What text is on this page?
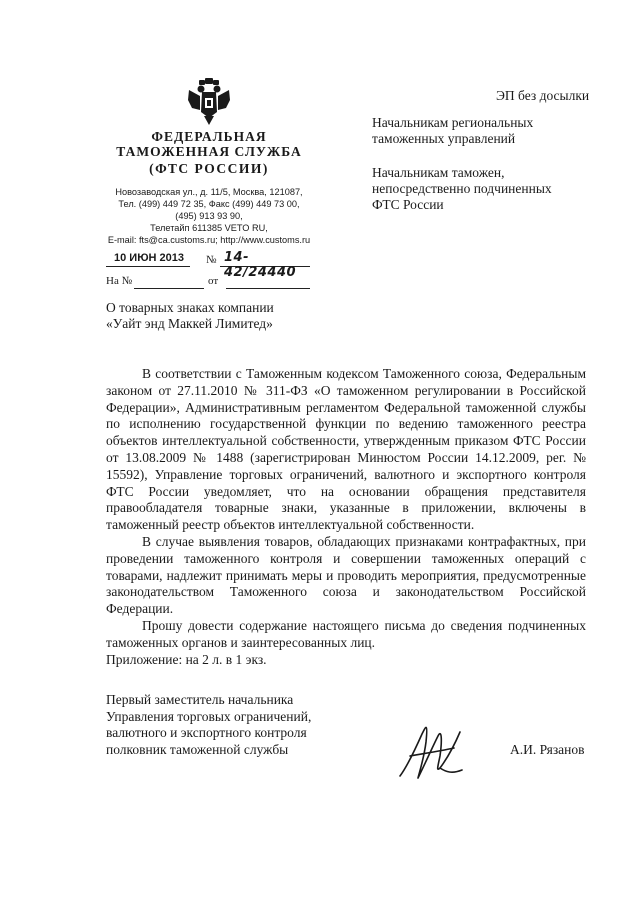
ФЕДЕРАЛЬНАЯ
ТАМОЖЕННАЯ СЛУЖБА
(ФТС РОССИИ)
Новозаводская ул., д. 11/5, Москва, 121087,
Тел. (499) 449 72 35, Факс (499) 449 73 00,
(495) 913 93 90,
Телетайп 611385 VETO RU,
E-mail: fts@ca.customs.ru; http://www.customs.ru
10 ИЮН 2013 № 14-42/24440
На №	от
ЭП без досылки
Начальникам региональных
таможенных управлений
Начальникам таможен,
непосредственно подчиненных
ФТС России
О товарных знаках компании
«Уайт энд Маккей Лимитед»

В соответствии с Таможенным кодексом Таможенного союза, Федеральным законом от 27.11.2010 № 311-ФЗ «О таможенном регулировании в Российской Федерации», Административным регламентом Федеральной таможенной службы по исполнению государственной функции по ведению таможенного реестра объектов интеллектуальной собственности, утвержденным приказом ФТС России от 13.08.2009 № 1488 (зарегистрирован Минюстом России 14.12.2009, рег. № 15592), Управление торговых ограничений, валютного и экспортного контроля ФТС России уведомляет, что на основании обращения представителя правообладателя товарные знаки, указанные в приложении, включены в таможенный реестр объектов интеллектуальной собственности.

В случае выявления товаров, обладающих признаками контрафактных, при проведении таможенного контроля и совершении таможенных операций с товарами, надлежит принимать меры и проводить мероприятия, предусмотренные законодательством Таможенного союза и законодательством Российской Федерации.

Прошу довести содержание настоящего письма до сведения подчиненных таможенных органов и заинтересованных лиц.

Приложение: на 2 л. в 1 экз.
Первый заместитель начальника
Управления торговых ограничений,
валютного и экспортного контроля
полковник таможенной службы	А.И. Рязанов
